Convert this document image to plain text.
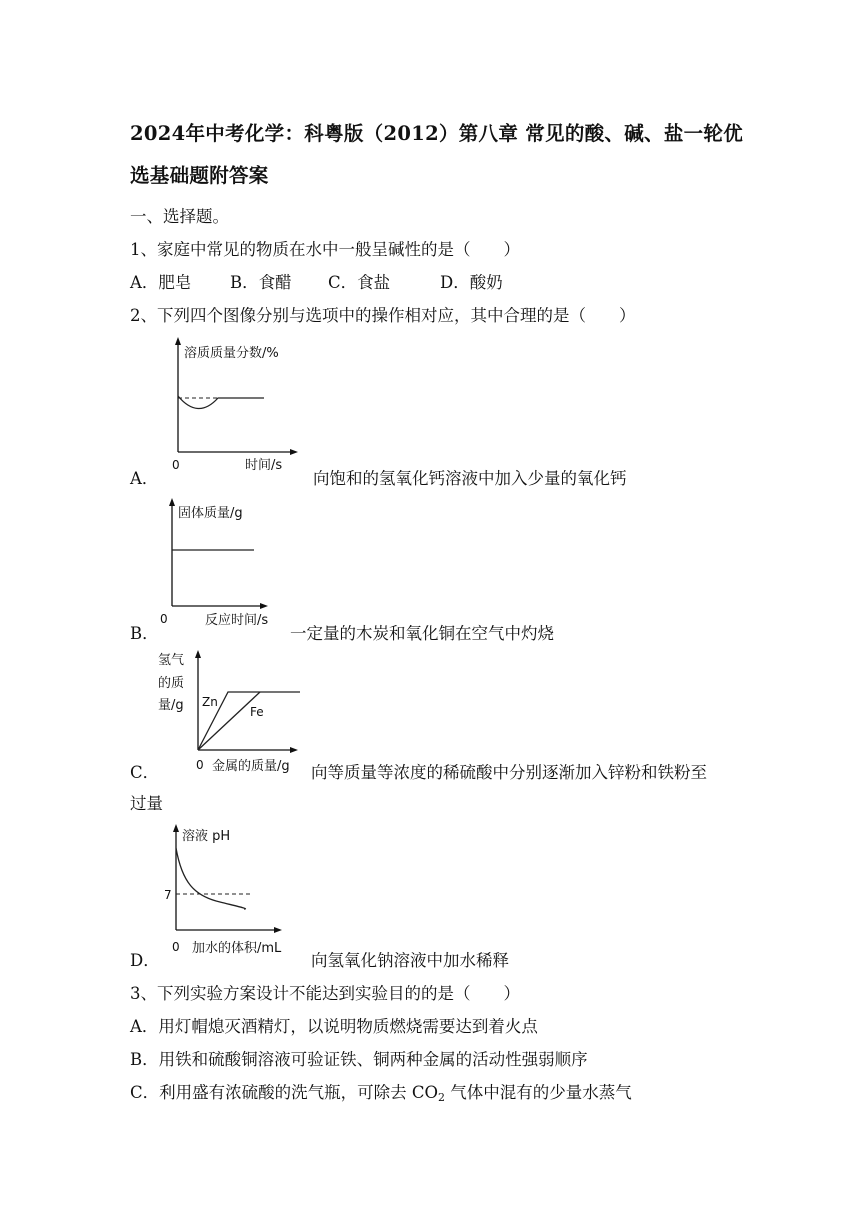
2024年中考化学：科粤版（2012）第八章 常见的酸、碱、盐一轮优
选基础题附答案
一、选择题。
1、家庭中常见的物质在水中一般呈碱性的是（　　）
A．肥皂 B．食醋 C．食盐	D．酸奶
2、下列四个图像分别与选项中的操作相对应，其中合理的是（　　）
A．
溶质质量分数/%
0	时间/s
向饱和的氢氧化钙溶液中加入少量的氧化钙
B．
固体质量/g
0	反应时间/s
一定量的木炭和氧化铜在空气中灼烧
C．
氢气
的质
量/g Zn
Fe
0 金属的质量/g 向等质量等浓度的稀硫酸中分别逐渐加入锌粉和铁粉至
过量
D．
溶液 pH
7
0 加水的体积/mL
向氢氧化钠溶液中加水稀释
3、下列实验方案设计不能达到实验目的的是（　　）
A．用灯帽熄灭酒精灯，以说明物质燃烧需要达到着火点
B．用铁和硫酸铜溶液可验证铁、铜两种金属的活动性强弱顺序
C．利用盛有浓硫酸的洗气瓶，可除去 $CO_2$ 气体中混有的少量水蒸气
